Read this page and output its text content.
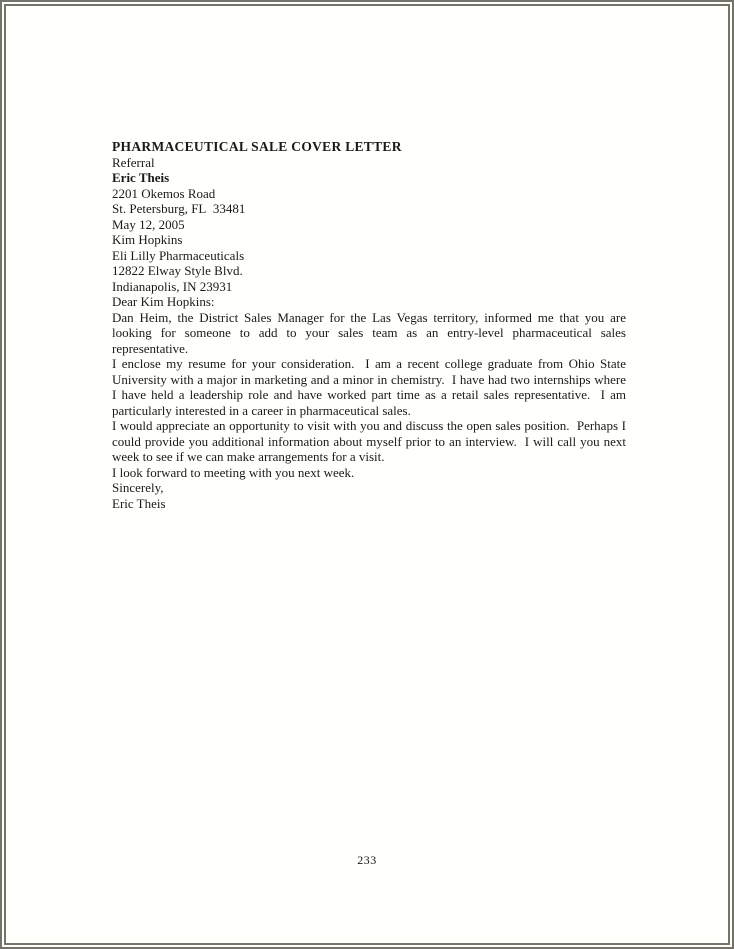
PHARMACEUTICAL SALE COVER LETTER
Referral
Eric Theis
2201 Okemos Road
St. Petersburg, FL  33481
May 12, 2005
Kim Hopkins
Eli Lilly Pharmaceuticals
12822 Elway Style Blvd.
Indianapolis, IN 23931

Dear Kim Hopkins:

Dan Heim, the District Sales Manager for the Las Vegas territory, informed me that you are looking for someone to add to your sales team as an entry-level pharmaceutical sales representative.

I enclose my resume for your consideration.  I am a recent college graduate from Ohio State University with a major in marketing and a minor in chemistry.  I have had two internships where I have held a leadership role and have worked part time as a retail sales representative.  I am particularly interested in a career in pharmaceutical sales.

I would appreciate an opportunity to visit with you and discuss the open sales position.  Perhaps I could provide you additional information about myself prior to an interview.  I will call you next week to see if we can make arrangements for a visit.

I look forward to meeting with you next week.

Sincerely,

Eric Theis

233
